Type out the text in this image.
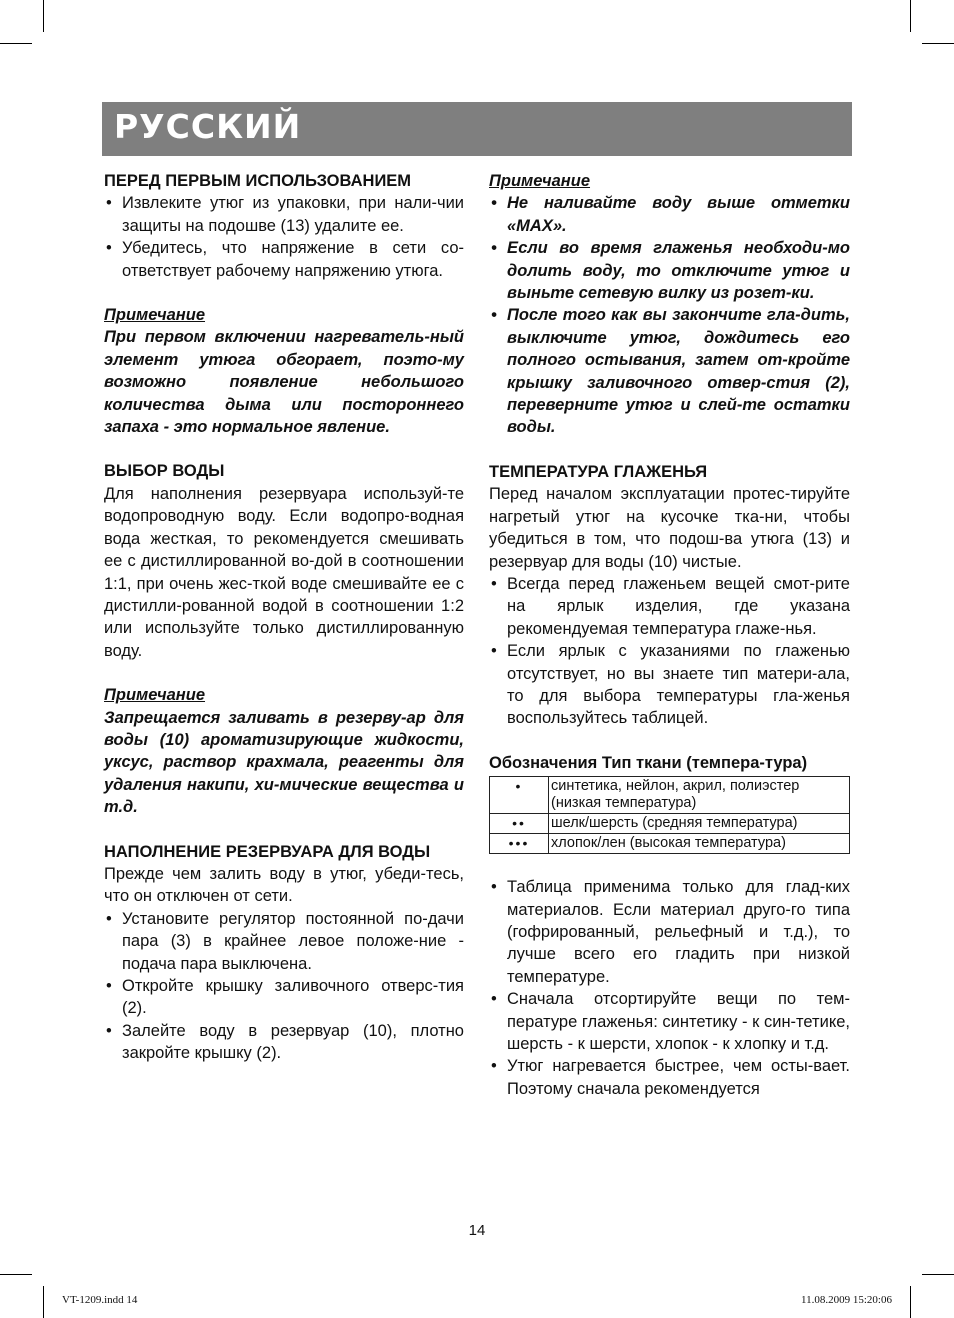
РУССКИЙ
ПЕРЕД ПЕРВЫМ ИСПОЛЬЗОВАНИЕМ
• Извлеките утюг из упаковки, при нали-чии защиты на подошве (13) удалите ее.
• Убедитесь, что напряжение в сети со-ответствует рабочему напряжению утюга.
Примечание
При первом включении нагреватель-ный элемент утюга обгорает, поэто-му возможно появление небольшого количества дыма или постороннего запаха - это нормальное явление.
ВЫБОР ВОДЫ
Для наполнения резервуара используй-те водопроводную воду. Если водопро-водная вода жесткая, то рекомендуется смешивать ее с дистиллированной во-дой в соотношении 1:1, при очень жес-ткой воде смешивайте ее с дистилли-рованной водой в соотношении 1:2 или используйте только дистиллированную воду.
Примечание
Запрещается заливать в резерву-ар для воды (10) ароматизирующие жидкости, уксус, раствор крахмала, реагенты для удаления накипи, хи-мические вещества и т.д.
НАПОЛНЕНИЕ РЕЗЕРВУАРА ДЛЯ ВОДЫ
Прежде чем залить воду в утюг, убеди-тесь, что он отключен от сети.
• Установите регулятор постоянной по-дачи пара (3) в крайнее левое положе-ние - подача пара выключена.
• Откройте крышку заливочного отверс-тия (2).
• Залейте воду в резервуар (10), плотно закройте крышку (2).
Примечание
• Не наливайте воду выше отметки «MAX».
• Если во время глаженья необходи-мо долить воду, то отключите утюг и выньте сетевую вилку из розет-ки.
• После того как вы закончите гла-дить, выключите утюг, дождитесь его полного остывания, затем от-кройте крышку заливочного отвер-стия (2), переверните утюг и слей-те остатки воды.
ТЕМПЕРАТУРА ГЛАЖЕНЬЯ
Перед началом эксплуатации протес-тируйте нагретый утюг на кусочке тка-ни, чтобы убедиться в том, что подош-ва утюга (13) и резервуар для воды (10) чистые.
• Всегда перед глаженьем вещей смот-рите на ярлык изделия, где указана рекомендуемая температура глаже-нья.
• Если ярлык с указаниями по глаженью отсутствует, но вы знаете тип матери-ала, то для выбора температуры гла-женья воспользуйтесь таблицей.
Обозначения Тип ткани (темпера-тура)
•	синтетика, нейлон, акрил, полиэстер (низкая температура)
••	шелк/шерсть (средняя температура)
•••	хлопок/лен (высокая температура)
• Таблица применима только для глад-ких материалов. Если материал друго-го типа (гофрированный, рельефный и т.д.), то лучше всего его гладить при низкой температуре.
• Сначала отсортируйте вещи по тем-пературе глаженья: синтетику - к син-тетике, шерсть - к шерсти, хлопок - к хлопку и т.д.
• Утюг нагревается быстрее, чем осты-вает. Поэтому сначала рекомендуется
14
VT-1209.indd 14	11.08.2009 15:20:06
